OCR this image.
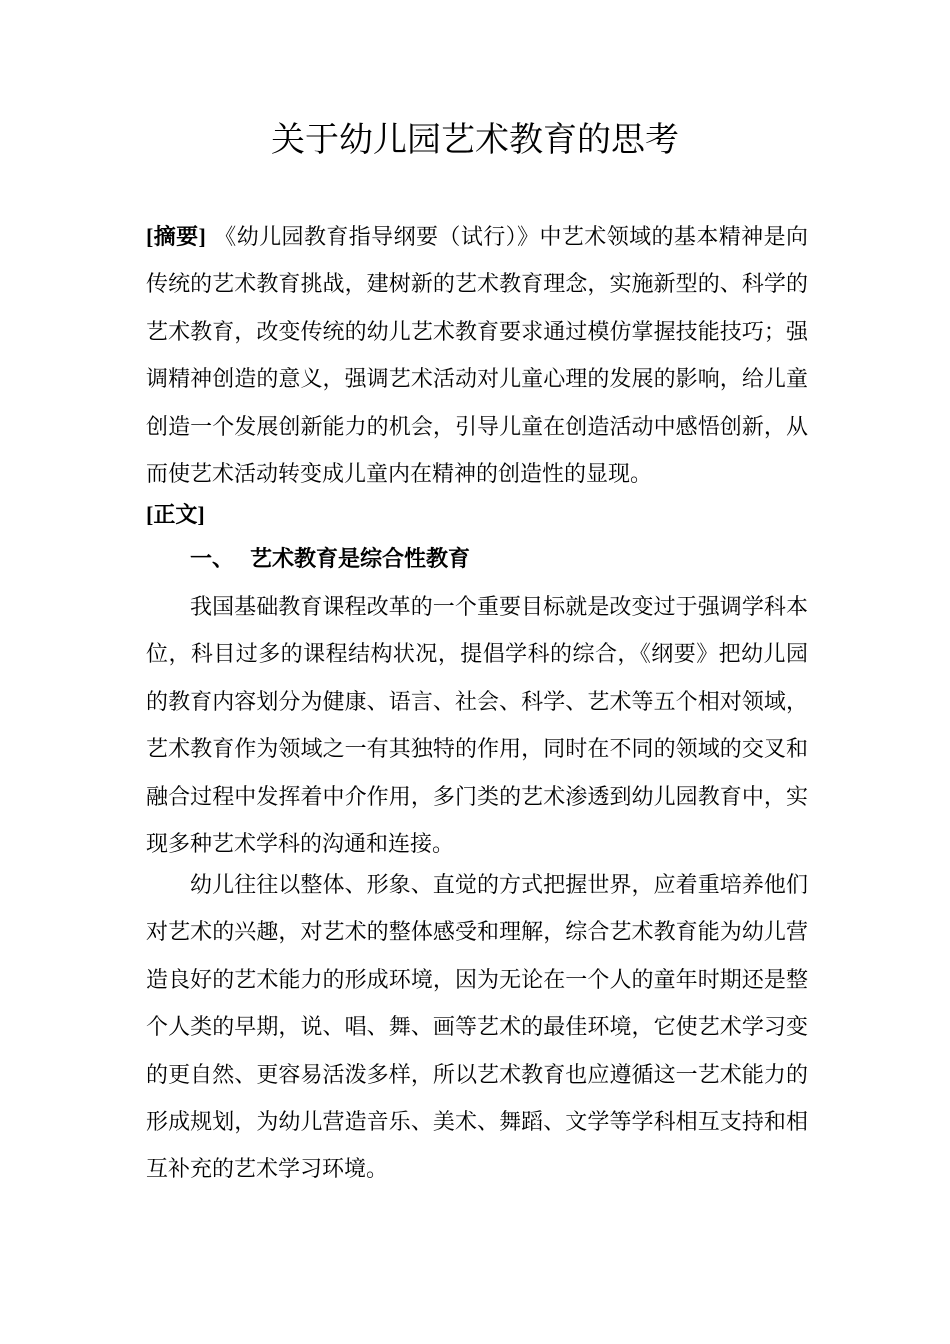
关于幼儿园艺术教育的思考

[摘要] 《幼儿园教育指导纲要（试行）》中艺术领域的基本精神是向传统的艺术教育挑战，建树新的艺术教育理念，实施新型的、科学的艺术教育，改变传统的幼儿艺术教育要求通过模仿掌握技能技巧；强调精神创造的意义，强调艺术活动对儿童心理的发展的影响，给儿童创造一个发展创新能力的机会，引导儿童在创造活动中感悟创新，从而使艺术活动转变成儿童内在精神的创造性的显现。

[正文]

一、 艺术教育是综合性教育

我国基础教育课程改革的一个重要目标就是改变过于强调学科本位，科目过多的课程结构状况，提倡学科的综合，《纲要》把幼儿园的教育内容划分为健康、语言、社会、科学、艺术等五个相对领域，艺术教育作为领域之一有其独特的作用，同时在不同的领域的交叉和融合过程中发挥着中介作用，多门类的艺术渗透到幼儿园教育中，实现多种艺术学科的沟通和连接。

幼儿往往以整体、形象、直觉的方式把握世界，应着重培养他们对艺术的兴趣，对艺术的整体感受和理解，综合艺术教育能为幼儿营造良好的艺术能力的形成环境，因为无论在一个人的童年时期还是整个人类的早期，说、唱、舞、画等艺术的最佳环境，它使艺术学习变的更自然、更容易活泼多样，所以艺术教育也应遵循这一艺术能力的形成规划，为幼儿营造音乐、美术、舞蹈、文学等学科相互支持和相互补充的艺术学习环境。
